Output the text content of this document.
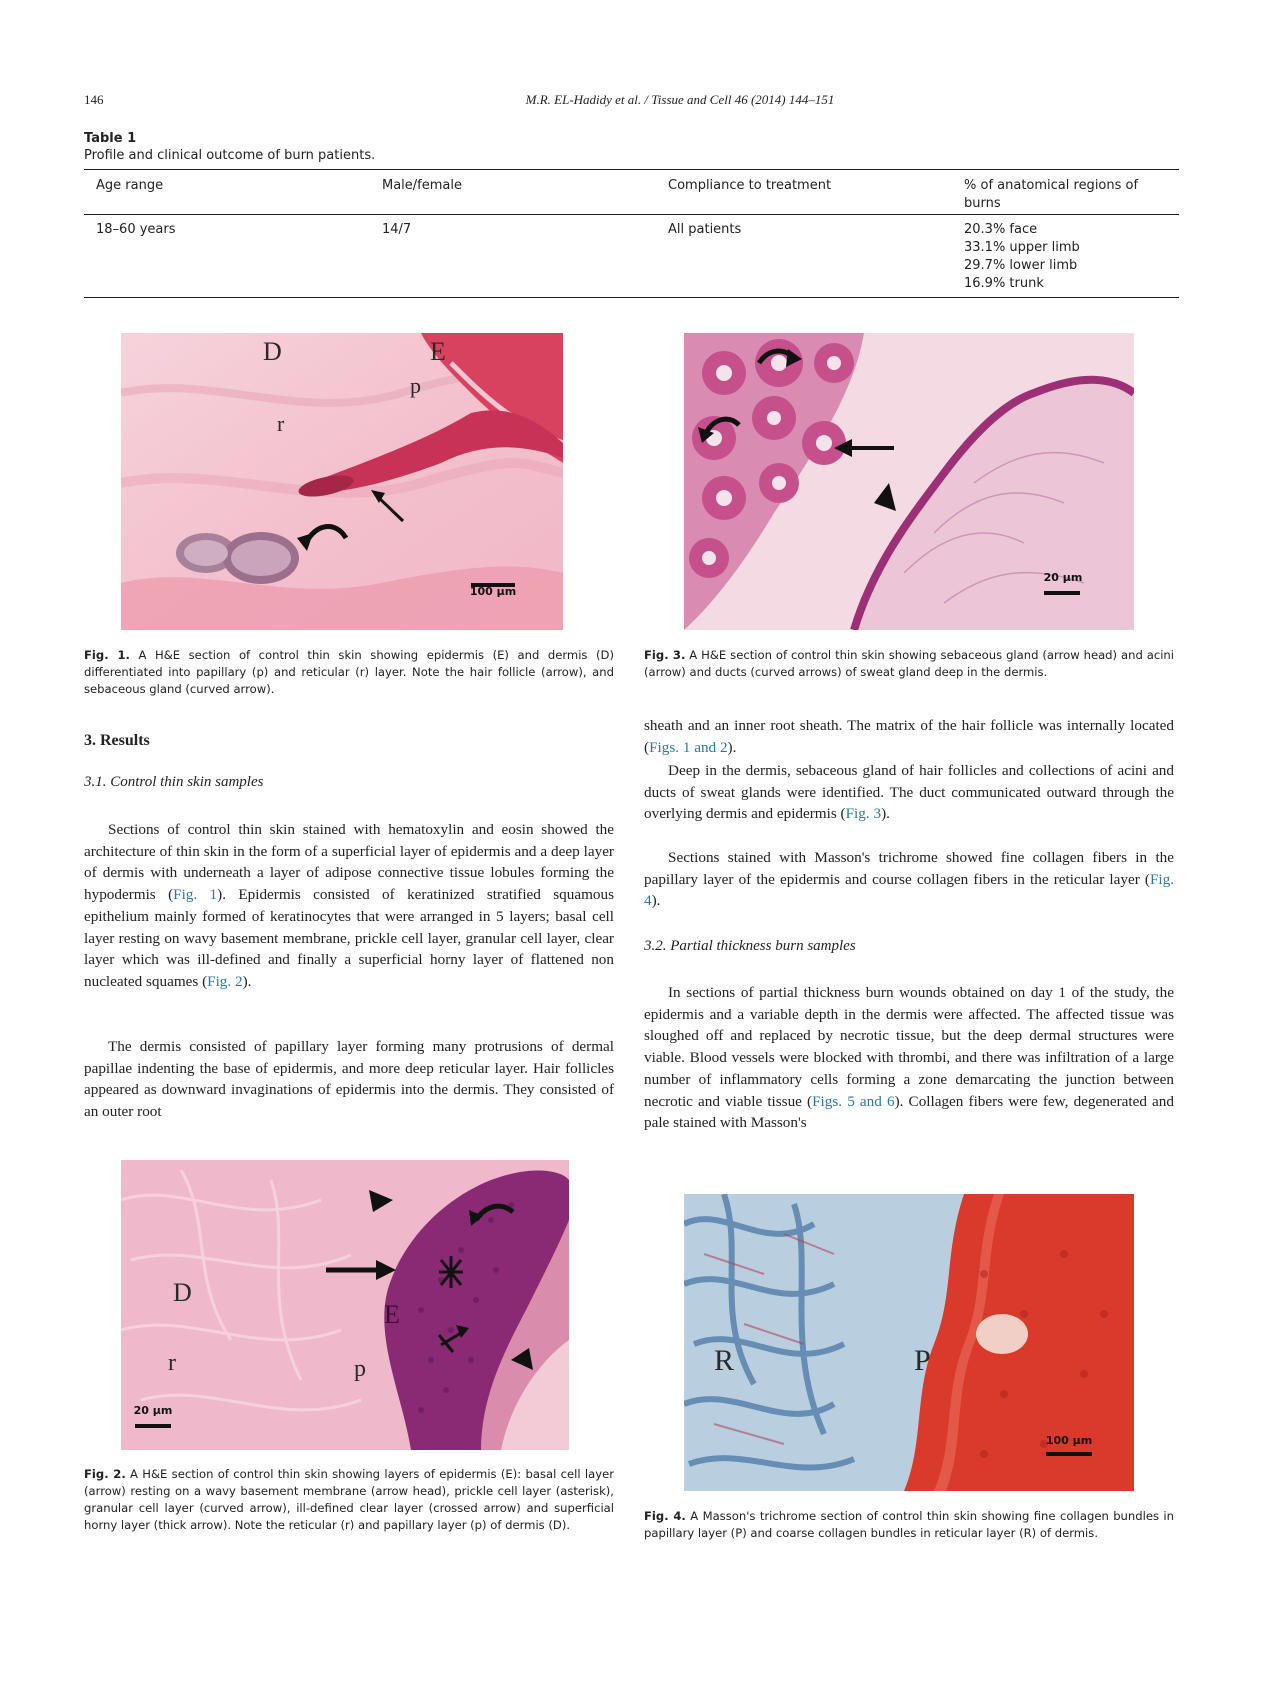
146	M.R. EL-Hadidy et al. / Tissue and Cell 46 (2014) 144–151
Table 1
Profile and clinical outcome of burn patients.
Age range	Male/female	Compliance to treatment	% of anatomical regions of burns
18–60 years	14/7	All patients	20.3% face
33.1% upper limb
29.7% lower limb
16.9% trunk
D	E
p
r
100 µm
Fig. 1. A H&E section of control thin skin showing epidermis (E) and dermis (D) differentiated into papillary (p) and reticular (r) layer. Note the hair follicle (arrow), and sebaceous gland (curved arrow).
20 µm
Fig. 3. A H&E section of control thin skin showing sebaceous gland (arrow head) and acini (arrow) and ducts (curved arrows) of sweat gland deep in the dermis.
3. Results
3.1. Control thin skin samples
Sections of control thin skin stained with hematoxylin and eosin showed the architecture of thin skin in the form of a superficial layer of epidermis and a deep layer of dermis with underneath a layer of adipose connective tissue lobules forming the hypodermis (Fig. 1). Epidermis consisted of keratinized stratified squamous epithelium mainly formed of keratinocytes that were arranged in 5 layers; basal cell layer resting on wavy basement membrane, prickle cell layer, granular cell layer, clear layer which was ill-defined and finally a superficial horny layer of flattened non nucleated squames (Fig. 2).
The dermis consisted of papillary layer forming many protrusions of dermal papillae indenting the base of epidermis, and more deep reticular layer. Hair follicles appeared as downward invaginations of epidermis into the dermis. They consisted of an outer root
sheath and an inner root sheath. The matrix of the hair follicle was internally located (Figs. 1 and 2).
Deep in the dermis, sebaceous gland of hair follicles and collections of acini and ducts of sweat glands were identified. The duct communicated outward through the overlying dermis and epidermis (Fig. 3).
Sections stained with Masson's trichrome showed fine collagen fibers in the papillary layer of the epidermis and course collagen fibers in the reticular layer (Fig. 4).
3.2. Partial thickness burn samples
In sections of partial thickness burn wounds obtained on day 1 of the study, the epidermis and a variable depth in the dermis were affected. The affected tissue was sloughed off and replaced by necrotic tissue, but the deep dermal structures were viable. Blood vessels were blocked with thrombi, and there was infiltration of a large number of inflammatory cells forming a zone demarcating the junction between necrotic and viable tissue (Figs. 5 and 6). Collagen fibers were few, degenerated and pale stained with Masson's
D
E
r	p
20 µm
Fig. 2. A H&E section of control thin skin showing layers of epidermis (E): basal cell layer (arrow) resting on a wavy basement membrane (arrow head), prickle cell layer (asterisk), granular cell layer (curved arrow), ill-defined clear layer (crossed arrow) and superficial horny layer (thick arrow). Note the reticular (r) and papillary layer (p) of dermis (D).
R	P
100 µm
Fig. 4. A Masson's trichrome section of control thin skin showing fine collagen bundles in papillary layer (P) and coarse collagen bundles in reticular layer (R) of dermis.
